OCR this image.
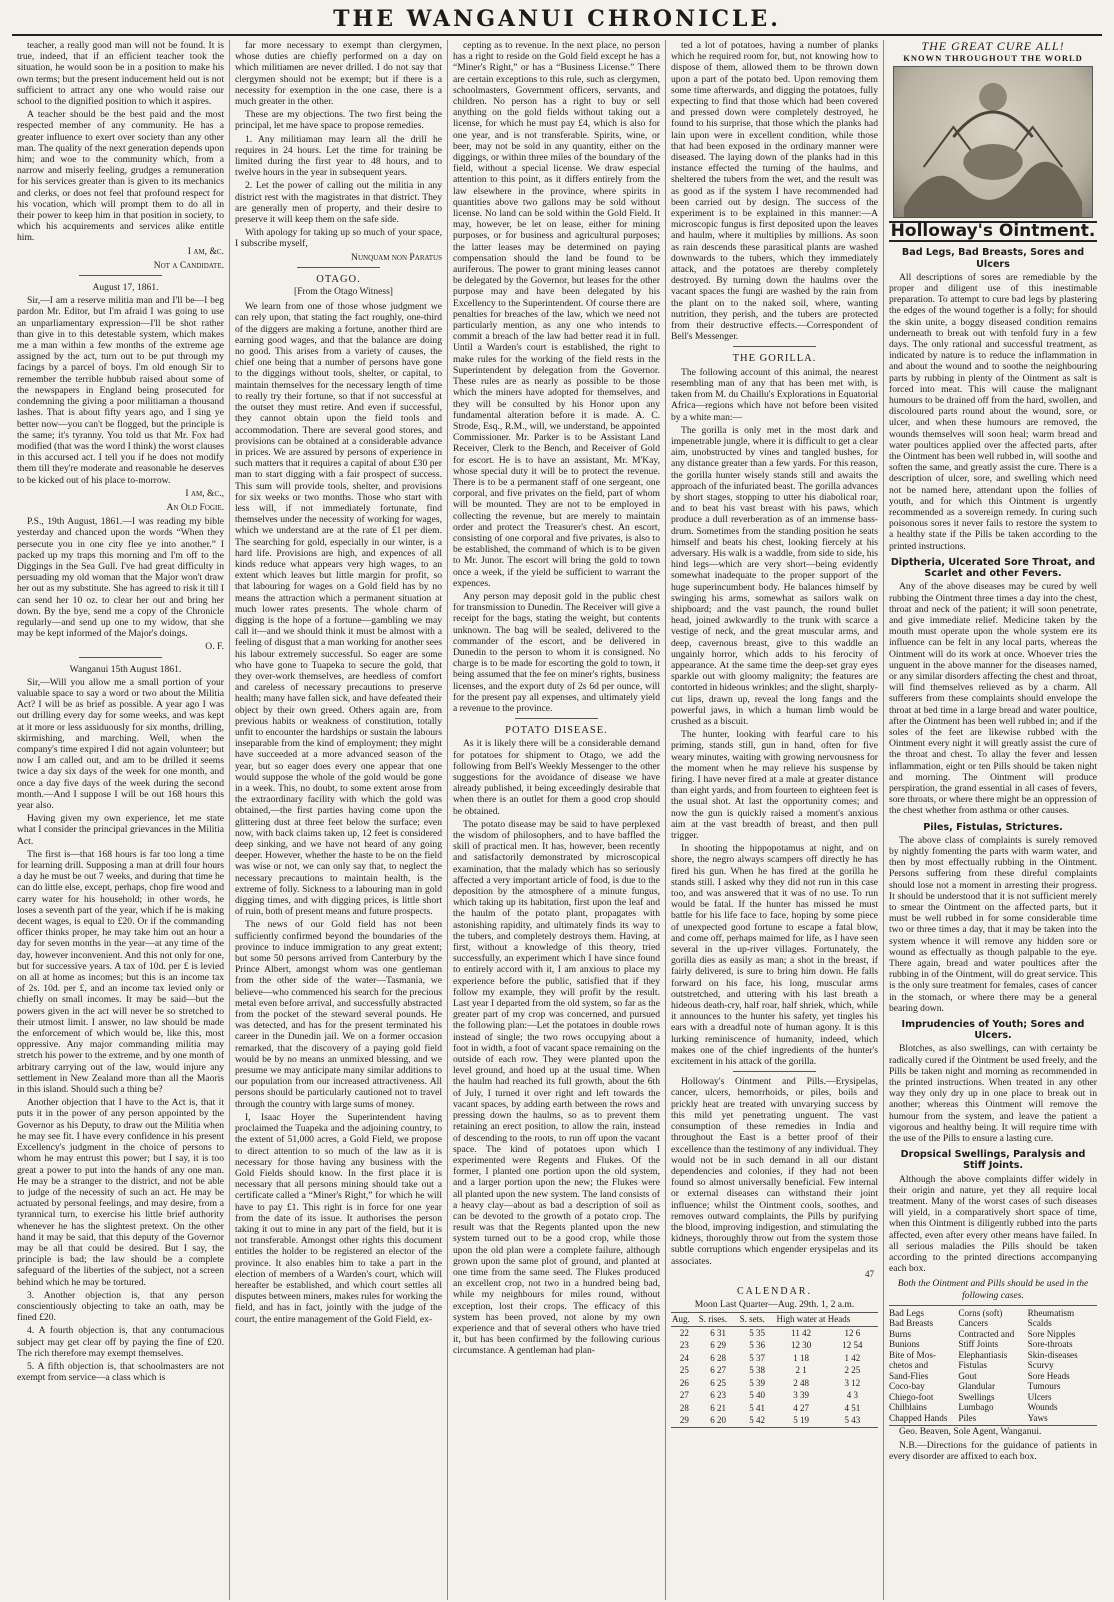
THE WANGANUI CHRONICLE.

teacher, a really good man will not be found. It is true, indeed, that if an efficient teacher took the situation, he would soon be in a position to make his own terms; but the present inducement held out is not sufficient to attract any one who would raise our school to the dignified position to which it aspires.

A teacher should be the best paid and the most respected member of any community. He has a greater influence to exert over society than any other man. The quality of the next generation depends upon him; and woe to the community which, from a narrow and miserly feeling, grudges a remuneration for his services greater than is given to its mechanics and clerks, or does not feel that profound respect for his vocation, which will prompt them to do all in their power to keep him in that position in society, to which his acquirements and services alike entitle him.

I am, &c.

Not a Candidate.

August 17, 1861.

Sir,—I am a reserve militia man and I'll be—I beg pardon Mr. Editor, but I'm afraid I was going to use an unparliamentary expression—I'll be shot rather than give in to this detestable system, which makes me a man within a few months of the extreme age assigned by the act, turn out to be put through my facings by a parcel of boys. I'm old enough Sir to remember the terrible hubbub raised about some of the newspapers in England being prosecuted for condemning the giving a poor militiaman a thousand lashes. That is about fifty years ago, and I sing ye better now—you can't be flogged, but the principle is the same; it's tyranny. You told us that Mr. Fox had modified (that was the word I think) the worst clauses in this accursed act. I tell you if he does not modify them till they're moderate and reasonable he deserves to be kicked out of his place to-morrow.

I am, &c.,

An Old Fogie.

P.S., 19th August, 1861.—I was reading my bible yesterday and chanced upon the words “When they persecute you in one city flee ye into another.” I packed up my traps this morning and I'm off to the Diggings in the Sea Gull. I've had great difficulty in persuading my old woman that the Major won't draw her out as my substitute. She has agreed to risk it till I can send her 10 oz. to clear her out and bring her down. By the bye, send me a copy of the Chronicle regularly—and send up one to my widow, that she may be kept informed of the Major's doings.

O. F.

Wanganui 15th August 1861.

Sir,—Will you allow me a small portion of your valuable space to say a word or two about the Militia Act? I will be as brief as possible. A year ago I was out drilling every day for some weeks, and was kept at it more or less assiduously for six months, drilling, skirmishing, and marching. Well, when the company's time expired I did not again volunteer; but now I am called out, and am to be drilled it seems twice a day six days of the week for one month, and once a day five days of the week during the second month.—And I suppose I will be out 168 hours this year also.

Having given my own experience, let me state what I consider the principal grievances in the Militia Act.

The first is—that 168 hours is far too long a time for learning drill. Supposing a man at drill four hours a day he must be out 7 weeks, and during that time he can do little else, except, perhaps, chop fire wood and carry water for his household; in other words, he loses a seventh part of the year, which if he is making decent wages, is equal to £20. Or if the commanding officer thinks proper, he may take him out an hour a day for seven months in the year—at any time of the day, however inconvenient. And this not only for one, but for successive years. A tax of 10d. per £ is levied on all at home as incomes; but this is an income tax of 2s. 10d. per £, and an income tax levied only or chiefly on small incomes. It may be said—but the powers given in the act will never be so stretched to their utmost limit. I answer, no law should be made the enforcement of which would be, like this, most oppressive. Any major commanding militia may stretch his power to the extreme, and by one month of arbitrary carrying out of the law, would injure any settlement in New Zealand more than all the Maoris in this island. Should such a thing be?

Another objection that I have to the Act is, that it puts it in the power of any person appointed by the Governor as his Deputy, to draw out the Militia when he may see fit. I have every confidence in his present Excellency's judgment in the choice of persons to whom he may entrust this power; but I say, it is too great a power to put into the hands of any one man. He may be a stranger to the district, and not be able to judge of the necessity of such an act. He may be actuated by personal feelings, and may desire, from a tyrannical turn, to exercise his little brief authority whenever he has the slightest pretext. On the other hand it may be said, that this deputy of the Governor may be all that could be desired. But I say, the principle is bad; the law should be a complete safeguard of the liberties of the subject, not a screen behind which he may be tortured.

3. Another objection is, that any person conscientiously objecting to take an oath, may be fined £20.

4. A fourth objection is, that any contumacious subject may get clear off by paying the fine of £20. The rich therefore may exempt themselves.

5. A fifth objection is, that schoolmasters are not exempt from service—a class which is

far more necessary to exempt than clergymen, whose duties are chiefly performed on a day on which militiamen are never drilled. I do not say that clergymen should not be exempt; but if there is a necessity for exemption in the one case, there is a much greater in the other.

These are my objections. The two first being the principal, let me have space to propose remedies.

1. Any militiaman may learn all the drill he requires in 24 hours. Let the time for training be limited during the first year to 48 hours, and to twelve hours in the year in subsequent years.

2. Let the power of calling out the militia in any district rest with the magistrates in that district. They are generally men of property, and their desire to preserve it will keep them on the safe side.

With apology for taking up so much of your space, I subscribe myself,

Nunquam non Paratus

OTAGO.

[From the Otago Witness]

We learn from one of those whose judgment we can rely upon, that stating the fact roughly, one-third of the diggers are making a fortune, another third are earning good wages, and that the balance are doing no good. This arises from a variety of causes, the chief one being that a number of persons have gone to the diggings without tools, shelter, or capital, to maintain themselves for the necessary length of time to really try their fortune, so that if not successful at the outset they must retire. And even if successful, they cannot obtain upon the field tools and accommodation. There are several good stores, and provisions can be obtained at a considerable advance in prices. We are assured by persons of experience in such matters that it requires a capital of about £30 per man to start digging with a fair prospect of success. This sum will provide tools, shelter, and provisions for six weeks or two months. Those who start with less will, if not immediately fortunate, find themselves under the necessity of working for wages, which we understand are at the rate of £1 per diem. The searching for gold, especially in our winter, is a hard life. Provisions are high, and expences of all kinds reduce what appears very high wages, to an extent which leaves but little margin for profit, so that labouring for wages on a Gold field has by no means the attraction which a permanent situation at much lower rates presents. The whole charm of digging is the hope of a fortune—gambling we may call it—and we should think it must be almost with a feeling of disgust that a man working for another sees his labour extremely successful. So eager are some who have gone to Tuapeka to secure the gold, that they over-work themselves, are heedless of comfort and careless of necessary precautions to preserve health; many have fallen sick, and have defeated their object by their own greed. Others again are, from previous habits or weakness of constitution, totally unfit to encounter the hardships or sustain the labours inseparable from the kind of employment; they might have succeeded at a more advanced season of the year, but so eager does every one appear that one would suppose the whole of the gold would be gone in a week. This, no doubt, to some extent arose from the extraordinary facility with which the gold was obtained,—the first parties having come upon the glittering dust at three feet below the surface; even now, with back claims taken up, 12 feet is considered deep sinking, and we have not heard of any going deeper. However, whether the haste to be on the field was wise or not, we can only say that, to neglect the necessary precautions to maintain health, is the extreme of folly. Sickness to a labouring man in gold digging times, and with digging prices, is little short of ruin, both of present means and future prospects.

The news of our Gold field has not been sufficiently confirmed beyond the boundaries of the province to induce immigration to any great extent; but some 50 persons arrived from Canterbury by the Prince Albert, amongst whom was one gentleman from the other side of the water—Tasmania, we believe—who commenced his search for the precious metal even before arrival, and successfully abstracted from the pocket of the steward several pounds. He was detected, and has for the present terminated his career in the Dunedin jail. We on a former occasion remarked, that the discovery of a paying gold field would be by no means an unmixed blessing, and we presume we may anticipate many similar additions to our population from our increased attractiveness. All persons should be particularly cautioned not to travel through the country with large sums of money.

I, Isaac Hoyer the Superintendent having proclaimed the Tuapeka and the adjoining country, to the extent of 51,000 acres, a Gold Field, we propose to direct attention to so much of the law as it is necessary for those having any business with the Gold Fields should know. In the first place it is necessary that all persons mining should take out a certificate called a “Miner's Right,” for which he will have to pay £1. This right is in force for one year from the date of its issue. It authorises the person taking it out to mine in any part of the field, but it is not transferable. Amongst other rights this document entitles the holder to be registered an elector of the province. It also enables him to take a part in the election of members of a Warden's court, which will hereafter be established, and which court settles all disputes between miners, makes rules for working the field, and has in fact, jointly with the judge of the court, the entire management of the Gold Field, ex-

cepting as to revenue. In the next place, no person has a right to reside on the Gold field except he has a “Miner's Right,” or has a “Business License.” There are certain exceptions to this rule, such as clergymen, schoolmasters, Government officers, servants, and children. No person has a right to buy or sell anything on the gold fields without taking out a license, for which he must pay £4, which is also for one year, and is not transferable. Spirits, wine, or beer, may not be sold in any quantity, either on the diggings, or within three miles of the boundary of the field, without a special license. We draw especial attention to this point, as it differs entirely from the law elsewhere in the province, where spirits in quantities above two gallons may be sold without license. No land can be sold within the Gold Field. It may, however, be let on lease, either for mining purposes, or for business and agricultural purposes; the latter leases may be determined on paying compensation should the land be found to be auriferous. The power to grant mining leases cannot be delegated by the Governor, but leases for the other purpose may and have been delegated by his Excellency to the Superintendent. Of course there are penalties for breaches of the law, which we need not particularly mention, as any one who intends to commit a breach of the law had better read it in full. Until a Warden's court is established, the right to make rules for the working of the field rests in the Superintendent by delegation from the Governor. These rules are as nearly as possible to be those which the miners have adopted for themselves, and they will be consulted by his Honor upon any fundamental alteration before it is made. A. C. Strode, Esq., R.M., will, we understand, be appointed Commissioner. Mr. Parker is to be Assistant Land Receiver, Clerk to the Bench, and Receiver of Gold for escort. He is to have an assistant, Mr. M'Kay, whose special duty it will be to protect the revenue. There is to be a permanent staff of one sergeant, one corporal, and five privates on the field, part of whom will be mounted. They are not to be employed in collecting the revenue, but are merely to maintain order and protect the Treasurer's chest. An escort, consisting of one corporal and five privates, is also to be established, the command of which is to be given to Mr. Junor. The escort will bring the gold to town once a week, if the yield be sufficient to warrant the expences.

Any person may deposit gold in the public chest for transmission to Dunedin. The Receiver will give a receipt for the bags, stating the weight, but contents unknown. The bag will be sealed, delivered to the commander of the escort, and be delivered in Dunedin to the person to whom it is consigned. No charge is to be made for escorting the gold to town, it being assumed that the fee on miner's rights, business licenses, and the export duty of 2s 6d per ounce, will for the present pay all expenses, and ultimately yield a revenue to the province.

POTATO DISEASE.

As it is likely there will be a considerable demand for potatoes for shipment to Otago, we add the following from Bell's Weekly Messenger to the other suggestions for the avoidance of disease we have already published, it being exceedingly desirable that when there is an outlet for them a good crop should be obtained.

The potato disease may be said to have perplexed the wisdom of philosophers, and to have baffled the skill of practical men. It has, however, been recently and satisfactorily demonstrated by microscopical examination, that the malady which has so seriously affected a very important article of food, is due to the deposition by the atmosphere of a minute fungus, which taking up its habitation, first upon the leaf and the haulm of the potato plant, propagates with astonishing rapidity, and ultimately finds its way to the tubers, and completely destroys them. Having, at first, without a knowledge of this theory, tried successfully, an experiment which I have since found to entirely accord with it, I am anxious to place my experience before the public, satisfied that if they follow my example, they will profit by the result. Last year I departed from the old system, so far as the greater part of my crop was concerned, and pursued the following plan:—Let the potatoes in double rows instead of single; the two rows occupying about a foot in width, a foot of vacant space remaining on the outside of each row. They were planted upon the level ground, and hoed up at the usual time. When the haulm had reached its full growth, about the 6th of July, I turned it over right and left towards the vacant spaces, by adding earth between the rows and pressing down the haulms, so as to prevent them retaining an erect position, to allow the rain, instead of descending to the roots, to run off upon the vacant space. The kind of potatoes upon which I experimented were Regents and Flukes. Of the former, I planted one portion upon the old system, and a larger portion upon the new; the Flukes were all planted upon the new system. The land consists of a heavy clay—about as bad a description of soil as can be devoted to the growth of a potato crop. The result was that the Regents planted upon the new system turned out to be a good crop, while those upon the old plan were a complete failure, although grown upon the same plot of ground, and planted at one time from the same seed. The Flukes produced an excellent crop, not two in a hundred being bad, while my neighbours for miles round, without exception, lost their crops. The efficacy of this system has been proved, not alone by my own experience and that of several others who have tried it, but has been confirmed by the following curious circumstance. A gentleman had plan-

ted a lot of potatoes, having a number of planks which he required room for, but, not knowing how to dispose of them, allowed them to be thrown down upon a part of the potato bed. Upon removing them some time afterwards, and digging the potatoes, fully expecting to find that those which had been covered and pressed down were completely destroyed, he found to his surprise, that those which the planks had lain upon were in excellent condition, while those that had been exposed in the ordinary manner were diseased. The laying down of the planks had in this instance effected the turning of the haulms, and sheltered the tubers from the wet, and the result was as good as if the system I have recommended had been carried out by design. The success of the experiment is to be explained in this manner:—A microscopic fungus is first deposited upon the leaves and haulm, where it multiplies by millions. As soon as rain descends these parasitical plants are washed downwards to the tubers, which they immediately attack, and the potatoes are thereby completely destroyed. By turning down the haulms over the vacant spaces the fungi are washed by the rain from the plant on to the naked soil, where, wanting nutrition, they perish, and the tubers are protected from their destructive effects.—Correspondent of Bell's Messenger.

THE GORILLA.

The following account of this animal, the nearest resembling man of any that has been met with, is taken from M. du Chaillu's Explorations in Equatorial Africa—regions which have not before been visited by a white man:—

The gorilla is only met in the most dark and impenetrable jungle, where it is difficult to get a clear aim, unobstructed by vines and tangled bushes, for any distance greater than a few yards. For this reason, the gorilla hunter wisely stands still and awaits the approach of the infuriated beast. The gorilla advances by short stages, stopping to utter his diabolical roar, and to beat his vast breast with his paws, which produce a dull reverberation as of an immense bass-drum. Sometimes from the standing position he seats himself and beats his chest, looking fiercely at his adversary. His walk is a waddle, from side to side, his hind legs—which are very short—being evidently somewhat inadequate to the proper support of the huge superincumbent body. He balances himself by swinging his arms, somewhat as sailors walk on shipboard; and the vast paunch, the round bullet head, joined awkwardly to the trunk with scarce a vestige of neck, and the great muscular arms, and deep, cavernous breast, give to this waddle an ungainly horror, which adds to his ferocity of appearance. At the same time the deep-set gray eyes sparkle out with gloomy malignity; the features are contorted in hideous wrinkles; and the slight, sharply-cut lips, drawn up, reveal the long fangs and the powerful jaws, in which a human limb would be crushed as a biscuit.

The hunter, looking with fearful care to his priming, stands still, gun in hand, often for five weary minutes, waiting with growing nervousness for the moment when he may relieve his suspense by firing. I have never fired at a male at greater distance than eight yards, and from fourteen to eighteen feet is the usual shot. At last the opportunity comes; and now the gun is quickly raised a moment's anxious aim at the vast breadth of breast, and then pull trigger.

In shooting the hippopotamus at night, and on shore, the negro always scampers off directly he has fired his gun. When he has fired at the gorilla he stands still. I asked why they did not run in this case too, and was answered that it was of no use. To run would be fatal. If the hunter has missed he must battle for his life face to face, hoping by some piece of unexpected good fortune to escape a fatal blow, and come off, perhaps maimed for life, as I have seen several in the up-river villages. Fortunately, the gorilla dies as easily as man; a shot in the breast, if fairly delivered, is sure to bring him down. He falls forward on his face, his long, muscular arms outstretched, and uttering with his last breath a hideous death-cry, half roar, half shriek, which, while it announces to the hunter his safety, yet tingles his ears with a dreadful note of human agony. It is this lurking reminiscence of humanity, indeed, which makes one of the chief ingredients of the hunter's excitement in his attack of the gorilla.

Holloway's Ointment and Pills.—Erysipelas, cancer, ulcers, hemorrhoids, or piles, boils and prickly heat are treated with unvarying success by this mild yet penetrating unguent. The vast consumption of these remedies in India and throughout the East is a better proof of their excellence than the testimony of any individual. They would not be in such demand in all our distant dependencies and colonies, if they had not been found so almost universally beneficial. Few internal or external diseases can withstand their joint influence; whilst the Ointment cools, soothes, and removes outward complaints, the Pills by purifying the blood, improving indigestion, and stimulating the kidneys, thoroughly throw out from the system those subtle corruptions which engender erysipelas and its associates.

47
CALENDAR.
Moon Last Quarter—Aug. 29th. 1, 2 a.m.
Aug.	S. rises.	S. sets.	High water at Heads	
22	6 31	5 35	11 42	12 6
23	6 29	5 36	12 30	12 54
24	6 28	5 37	1 18	1 42
25	6 27	5 38	2 1	2 25
26	6 25	5 39	2 48	3 12
27	6 23	5 40	3 39	4 3
28	6 21	5 41	4 27	4 51
29	6 20	5 42	5 19	5 43
THE GREAT CURE ALL!
KNOWN THROUGHOUT THE WORLD
Holloway's Ointment.
Bad Legs, Bad Breasts, Sores and Ulcers

All descriptions of sores are remediable by the proper and diligent use of this inestimable preparation. To attempt to cure bad legs by plastering the edges of the wound together is a folly; for should the skin unite, a boggy diseased condition remains underneath to break out with tenfold fury in a few days. The only rational and successful treatment, as indicated by nature is to reduce the inflammation in and about the wound and to soothe the neighbouring parts by rubbing in plenty of the Ointment as salt is forced into meat. This will cause the malignant humours to be drained off from the hard, swollen, and discoloured parts round about the wound, sore, or ulcer, and when these humours are removed, the wounds themselves will soon heal; warm bread and water poultices applied over the affected parts, after the Ointment has been well rubbed in, will soothe and soften the same, and greatly assist the cure. There is a description of ulcer, sore, and swelling which need not be named here, attendant upon the follies of youth, and for which this Ointment is urgently recommended as a sovereign remedy. In curing such poisonous sores it never fails to restore the system to a healthy state if the Pills be taken according to the printed instructions.

Diptheria, Ulcerated Sore Throat, and Scarlet and other Fevers.

Any of the above diseases may be cured by well rubbing the Ointment three times a day into the chest, throat and neck of the patient; it will soon penetrate, and give immediate relief. Medicine taken by the mouth must operate upon the whole system ere its influence can be felt in any local parts, whereas the Ointment will do its work at once. Whoever tries the unguent in the above manner for the diseases named, or any similar disorders affecting the chest and throat, will find themselves relieved as by a charm. All sufferers from these complaints should envelope the throat at bed time in a large bread and water poultice, after the Ointment has been well rubbed in; and if the soles of the feet are likewise rubbed with the Ointment every night it will greatly assist the cure of the throat and chest. To allay the fever and lessen inflammation, eight or ten Pills should be taken night and morning. The Ointment will produce perspiration, the grand essential in all cases of fevers, sore throats, or where there might be an oppression of the chest whether from asthma or other causes.

Piles, Fistulas, Strictures.

The above class of complaints is surely removed by nightly fomenting the parts with warm water, and then by most effectually rubbing in the Ointment. Persons suffering from these direful complaints should lose not a moment in arresting their progress. It should be understood that it is not sufficient merely to smear the Ointment on the affected parts, but it must be well rubbed in for some considerable time two or three times a day, that it may be taken into the system whence it will remove any hidden sore or wound as effectually as though palpable to the eye. There again, bread and water poultices after the rubbing in of the Ointment, will do great service. This is the only sure treatment for females, cases of cancer in the stomach, or where there may be a general bearing down.

Imprudencies of Youth; Sores and Ulcers.

Blotches, as also swellings, can with certainty be radically cured if the Ointment be used freely, and the Pills be taken night and morning as recommended in the printed instructions. When treated in any other way they only dry up in one place to break out in another; whereas this Ointment will remove the humour from the system, and leave the patient a vigorous and healthy being. It will require time with the use of the Pills to ensure a lasting cure.

Dropsical Swellings, Paralysis and Stiff Joints.

Although the above complaints differ widely in their origin and nature, yet they all require local treatment. Many of the worst cases of such diseases will yield, in a comparatively short space of time, when this Ointment is diligently rubbed into the parts affected, even after every other means have failed. In all serious maladies the Pills should be taken according to the printed directions accompanying each box.

Both the Ointment and Pills should be used in the following cases.
Bad Legs	Corns (soft)	Rheumatism
Bad Breasts	Cancers	Scalds
Burns	Contracted and	Sore Nipples
Bunions	Stiff Joints	Sore-throats
Bite of Mos-	Elephantiasis	Skin-diseases
chetos and	Fistulas	Scurvy
Sand-Flies	Gout	Sore Heads
Coco-bay	Glandular	Tumours
Chiego-foot	Swellings	Ulcers
Chilblains	Lumbago	Wounds
Chapped Hands	Piles	Yaws

Geo. Beaven, Sole Agent, Wanganui.

N.B.—Directions for the guidance of patients in every disorder are affixed to each box.
